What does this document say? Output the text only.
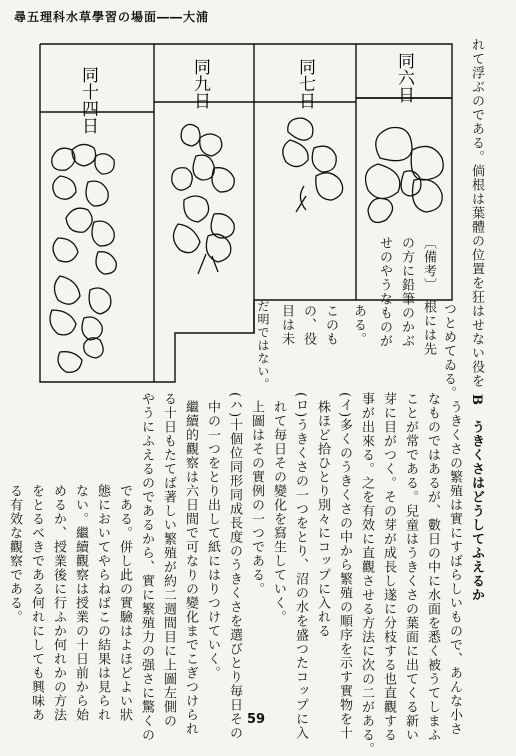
尋五理科水草學習の場面――大浦
同十四日	同九日	同七日	同六日	れて浮ぶのである。倘根は葉體の位置を狂はせない役を
つとめてゐる。
〔備考〕
根には先
の方に鉛筆のかぶ
せのやうなものが
ある。
このも
の、役
目は未
だ明ではない。
B　うきくさはどうしてふえるか
うきくさの繁殖は實にすばらしいもので、あんな小さ
なものではあるが、數日の中に水面を悉く被うてしまふ
ことが常である。兒童はうきくさの葉面に出てくる新い
芽に目がつく。その芽が成長し遂に分枝する也直觀する
事が出來る。之を有效に直觀させる方法に次の二がある。
(イ)多くのうきくさの中から繁殖の順序を示す實物を十
株ほど拾ひとり別々にコップに入れる
(ロ)うきくさの一つをとり、沼の水を盛つたコップに入
れて毎日その變化を寫生していく。
上圖はその實例の一つである。
(ハ)十個位同形同成長度のうきくさを選びとり毎日その
中の一つをとり出して紙にはりつけていく。
繼續的觀察は六日間で可なりの變化までこぎつけられ
る十日もたてば著しい繁殖が約二週間目に上圖左側の
やうにふえるのであるから、實に繁殖力の强さに驚くの
である。併し此の實驗はよほどよい狀
態においてやらねばこの結果は見られ
ない。繼續觀察は授業の十日前から始
めるか、授業後に行ふか何れかの方法
をとるべきである何れにしても興味あ
る有效な觀察である。
59
